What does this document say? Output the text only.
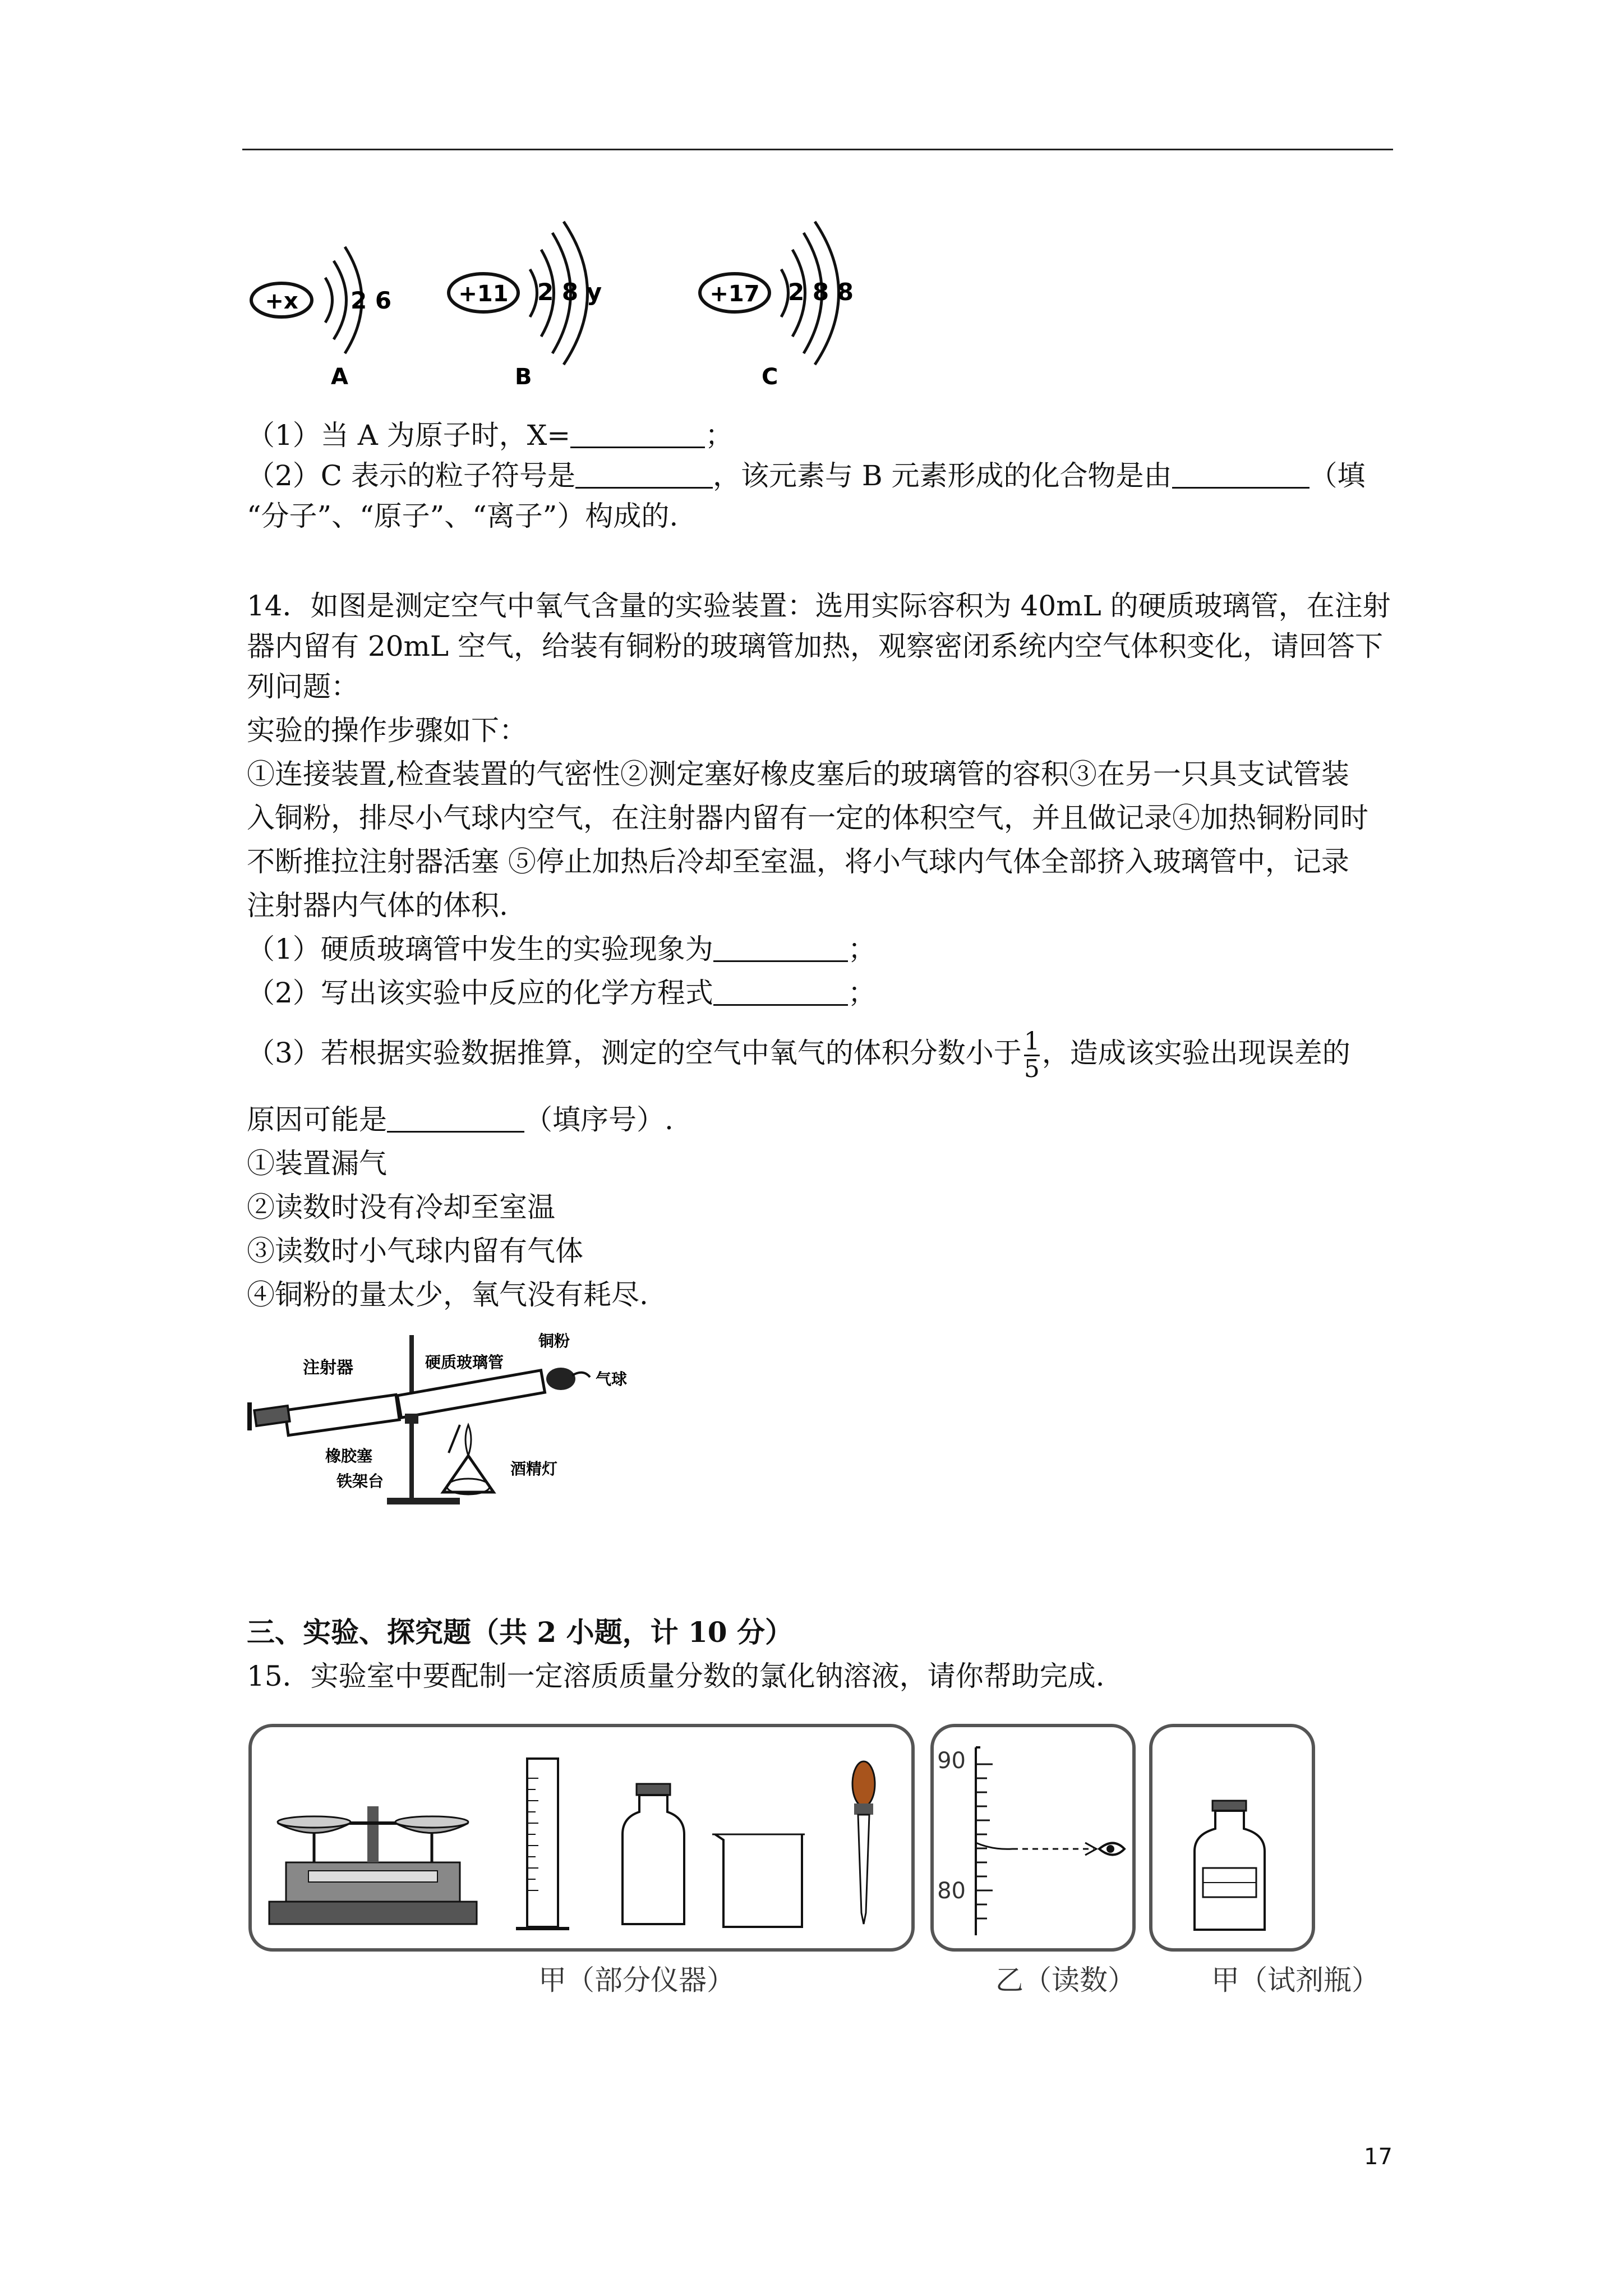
+x 2 6
A
+11 2 8 y
B
+17 2 8 8
C
（1）当 A 为原子时，X=	；
（2）C 表示的粒子符号是	，该元素与 B 元素形成的化合物是由	（填
“分子”、“原子”、“离子”）构成的.
14．如图是测定空气中氧气含量的实验装置：选用实际容积为 40mL 的硬质玻璃管，在注射
器内留有 20mL 空气，给装有铜粉的玻璃管加热，观察密闭系统内空气体积变化，请回答下
列问题：
实验的操作步骤如下：
①连接装置,检查装置的气密性②测定塞好橡皮塞后的玻璃管的容积③在另一只具支试管装
入铜粉，排尽小气球内空气，在注射器内留有一定的体积空气，并且做记录④加热铜粉同时
不断推拉注射器活塞 ⑤停止加热后冷却至室温，将小气球内气体全部挤入玻璃管中，记录
注射器内气体的体积.
（1）硬质玻璃管中发生的实验现象为	；
（2）写出该实验中反应的化学方程式	；
（3）若根据实验数据推算，测定的空气中氧气的体积分数小于 $\frac{1}{5}$ ，造成该实验出现误差的
原因可能是	（填序号）.
①装置漏气
②读数时没有冷却至室温
③读数时小气球内留有气体
④铜粉的量太少，氧气没有耗尽.
注射器	硬质玻璃管
铜粉
气球
橡胶塞
铁架台
酒精灯
三、实验、探究题（共 2 小题，计 10 分）
15．实验室中要配制一定溶质质量分数的氯化钠溶液，请你帮助完成.
90
80
甲（部分仪器）	乙（读数）	甲（试剂瓶）
17
